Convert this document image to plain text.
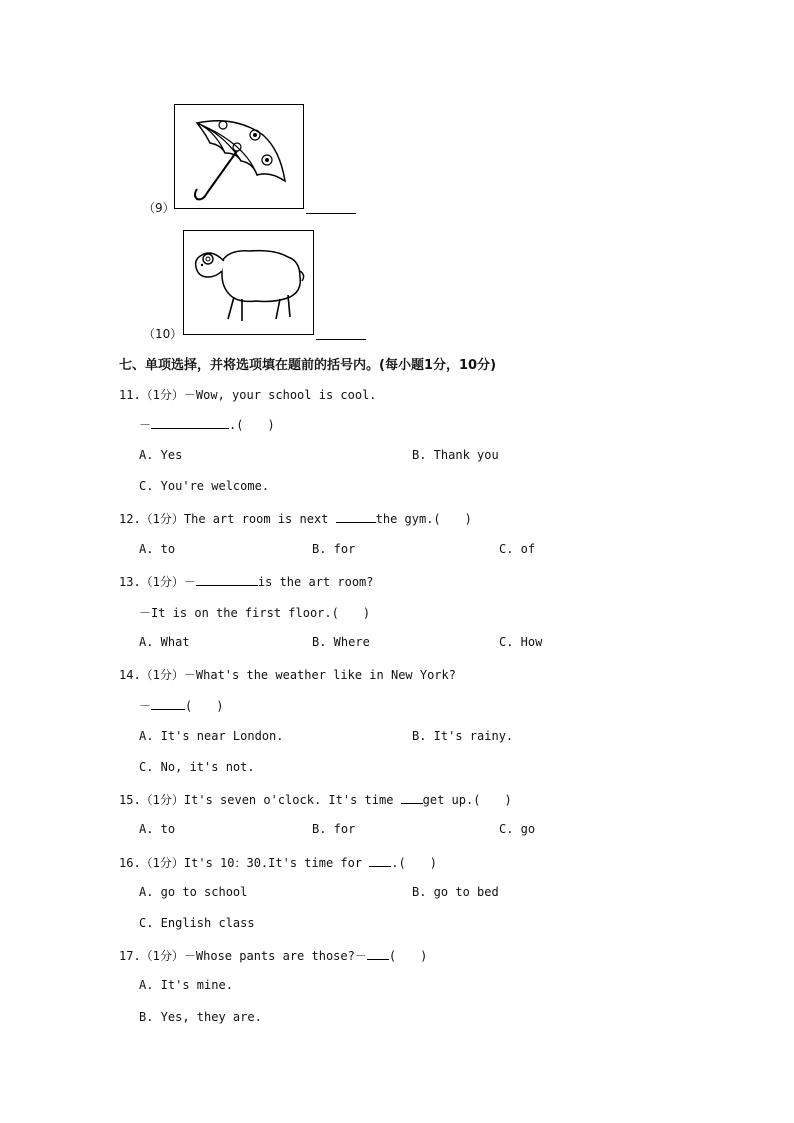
（9）
（10）
七、单项选择，并将选项填在题前的括号内。(每小题1分，10分)
11.（1分）－Wow, your school is cool.
－	.(　　)
A. Yes	B. Thank you
C. You're welcome.
12.（1分）The art room is next	the gym.(　　)
A. to	B. for	C. of
13.（1分）－	is the art room?
－It is on the first floor.(　　)
A. What	B. Where	C. How
14.（1分）－What's the weather like in New York?
－	(　　)
A. It's near London.	B. It's rainy.
C. No, it's not.
15.（1分）It's seven o'clock. It's time get up.(　　)
A. to	B. for	C. go
16.（1分）It's 10：30.It's time for .(　　)
A. go to school	B. go to bed
C. English class
17.（1分）－Whose pants are those?－ (　　)
A. It's mine.
B. Yes, they are.
